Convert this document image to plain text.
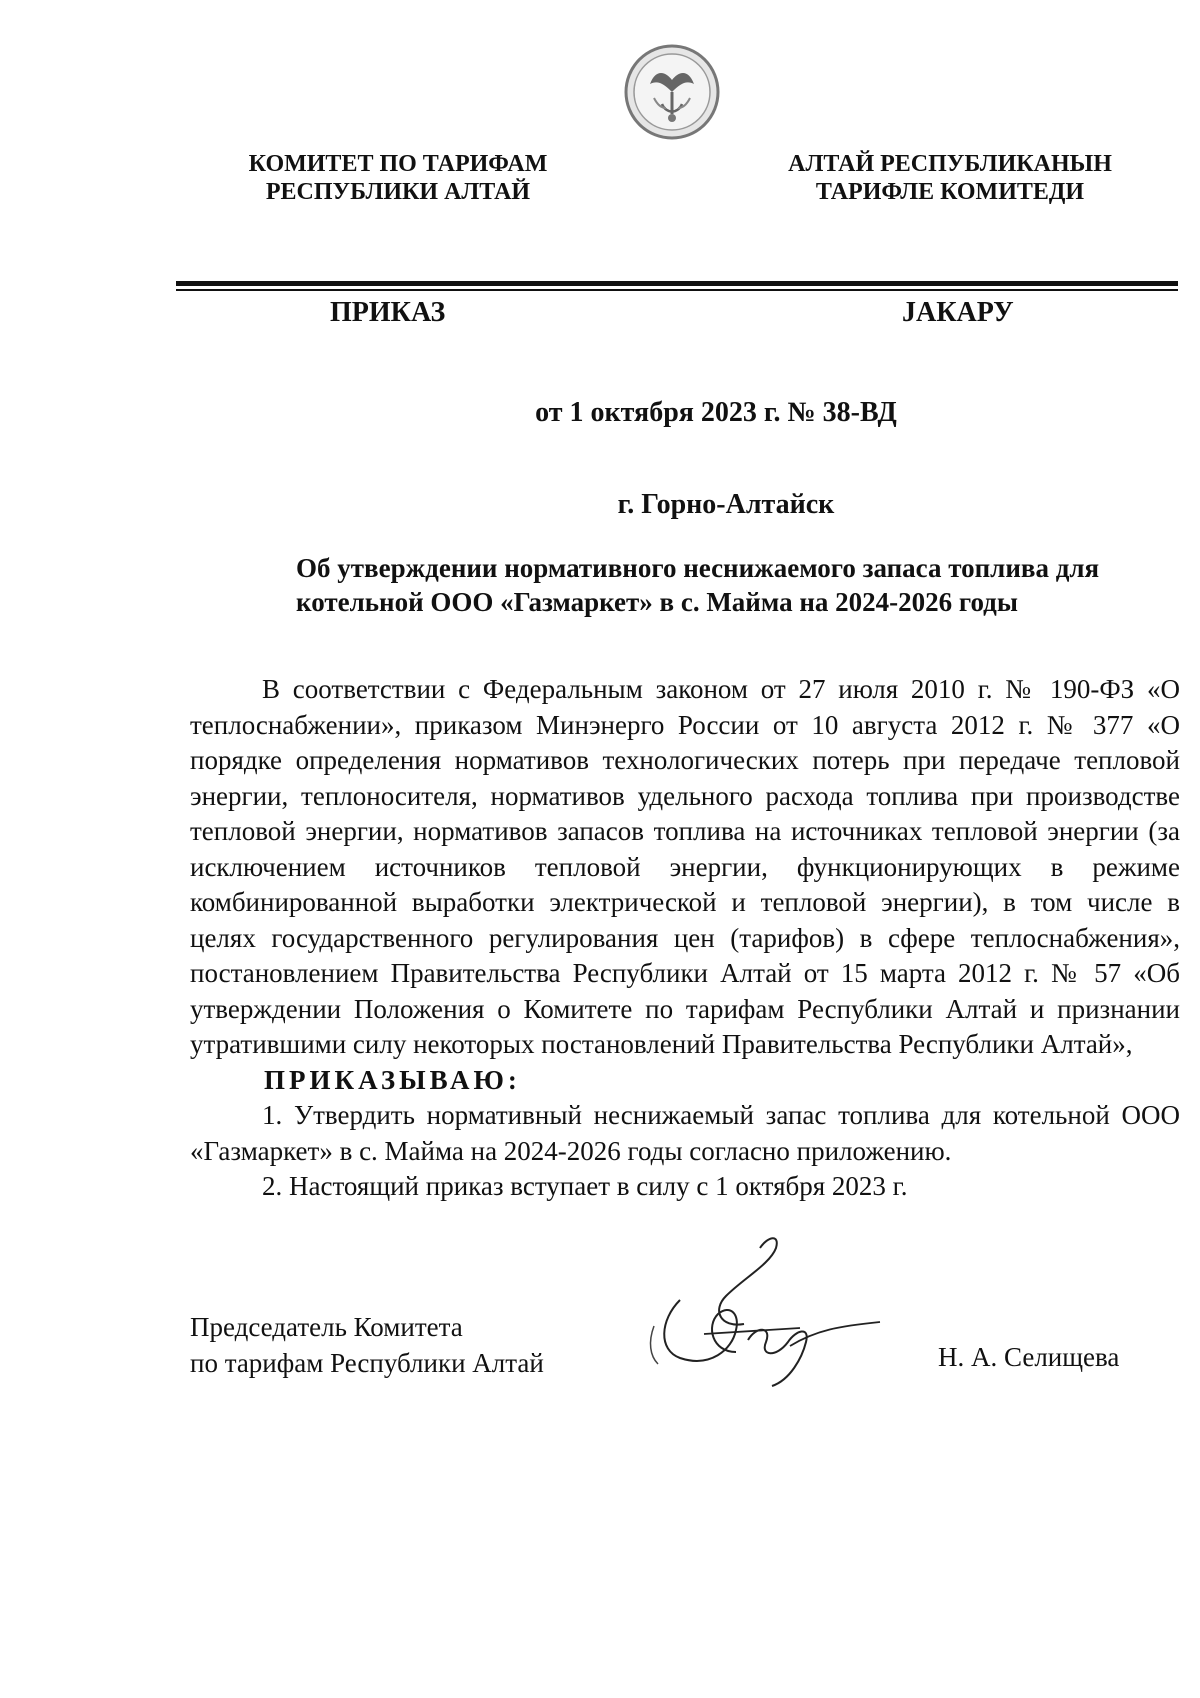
КОМИТЕТ ПО ТАРИФАМ
РЕСПУБЛИКИ АЛТАЙ
АЛТАЙ РЕСПУБЛИКАНЫН
ТАРИФЛЕ КОМИТЕДИ
ПРИКАЗ	JАКАРУ
от 1 октября 2023 г. № 38-ВД
г. Горно-Алтайск
Об утверждении нормативного неснижаемого запаса топлива для
котельной ООО «Газмаркет» в с. Майма на 2024-2026 годы

В соответствии с Федеральным законом от 27 июля 2010 г. № 190-ФЗ «О теплоснабжении», приказом Минэнерго России от 10 августа 2012 г. № 377 «О порядке определения нормативов технологических потерь при передаче тепловой энергии, теплоносителя, нормативов удельного расхода топлива при производстве тепловой энергии, нормативов запасов топлива на источниках тепловой энергии (за исключением источников тепловой энергии, функционирующих в режиме комбинированной выработки электрической и тепловой энергии), в том числе в целях государственного регулирования цен (тарифов) в сфере теплоснабжения», постановлением Правительства Республики Алтай от 15 марта 2012 г. № 57 «Об утверждении Положения о Комитете по тарифам Республики Алтай и признании утратившими силу некоторых постановлений Правительства Республики Алтай»,

ПРИКАЗЫВАЮ:

1. Утвердить нормативный неснижаемый запас топлива для котельной ООО «Газмаркет» в с. Майма на 2024-2026 годы согласно приложению.

2. Настоящий приказ вступает в силу с 1 октября 2023 г.

Председатель Комитета
по тарифам Республики Алтай	Н. А. Селищева
